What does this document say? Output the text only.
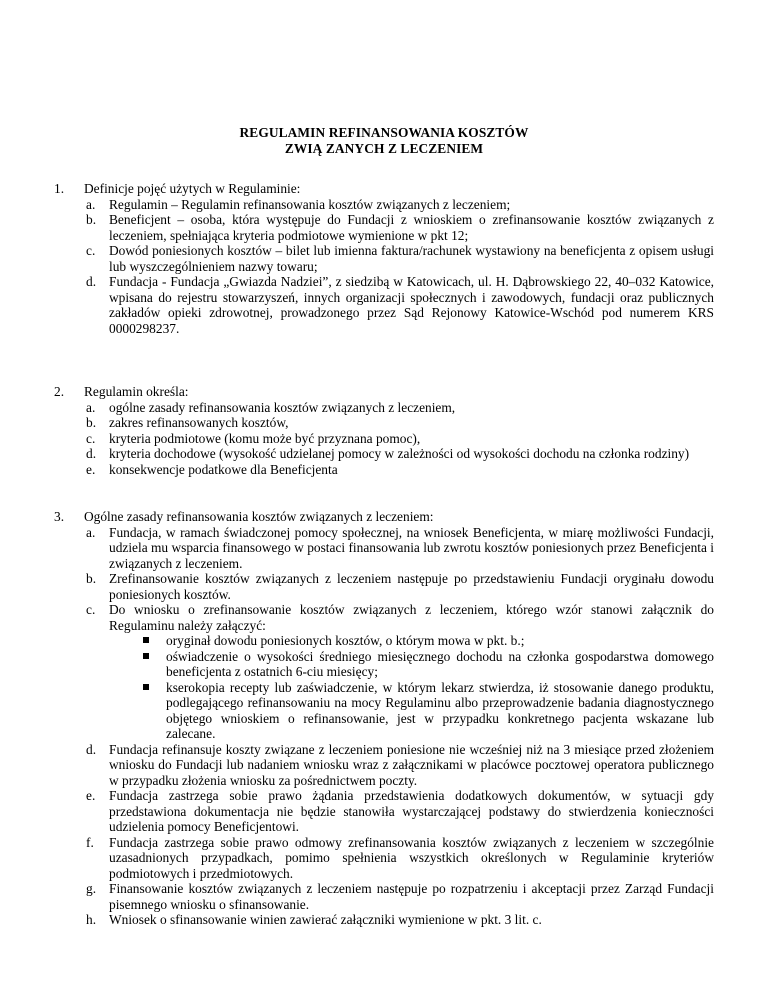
REGULAMIN REFINANSOWANIA KOSZTÓW
ZWIĄ ZANYCH Z LECZENIEM
1. Definicje pojęć użytych w Regulaminie:
a. Regulamin – Regulamin refinansowania kosztów związanych z leczeniem;
b. Beneficjent – osoba, która występuje do Fundacji z wnioskiem o zrefinansowanie kosztów związanych z leczeniem, spełniająca kryteria podmiotowe wymienione w pkt 12;
c. Dowód poniesionych kosztów – bilet lub imienna faktura/rachunek wystawiony na beneficjenta z opisem usługi lub wyszczególnieniem nazwy towaru;
d. Fundacja - Fundacja „Gwiazda Nadziei”, z siedzibą w Katowicach, ul. H. Dąbrowskiego 22, 40–032 Katowice, wpisana do rejestru stowarzyszeń, innych organizacji społecznych i zawodowych, fundacji oraz publicznych zakładów opieki zdrowotnej, prowadzonego przez Sąd Rejonowy Katowice-Wschód pod numerem KRS 0000298237.
2. Regulamin określa:
a. ogólne zasady refinansowania kosztów związanych z leczeniem,
b. zakres refinansowanych kosztów,
c. kryteria podmiotowe (komu może być przyznana pomoc),
d. kryteria dochodowe (wysokość udzielanej pomocy w zależności od wysokości dochodu na członka rodziny)
e. konsekwencje podatkowe dla Beneficjenta
3. Ogólne zasady refinansowania kosztów związanych z leczeniem:
a. Fundacja, w ramach świadczonej pomocy społecznej, na wniosek Beneficjenta, w miarę możliwości Fundacji, udziela mu wsparcia finansowego w postaci finansowania lub zwrotu kosztów poniesionych przez Beneficjenta i związanych z leczeniem.
b. Zrefinansowanie kosztów związanych z leczeniem następuje po przedstawieniu Fundacji oryginału dowodu poniesionych kosztów.
c. Do wniosku o zrefinansowanie kosztów związanych z leczeniem, którego wzór stanowi załącznik do Regulaminu należy załączyć:
oryginał dowodu poniesionych kosztów, o którym mowa w pkt. b.;
oświadczenie o wysokości średniego miesięcznego dochodu na członka gospodarstwa domowego beneficjenta z ostatnich 6-ciu miesięcy;
kserokopia recepty lub zaświadczenie, w którym lekarz stwierdza, iż stosowanie danego produktu, podlegającego refinansowaniu na mocy Regulaminu albo przeprowadzenie badania diagnostycznego objętego wnioskiem o refinansowanie, jest w przypadku konkretnego pacjenta wskazane lub zalecane.
d. Fundacja refinansuje koszty związane z leczeniem poniesione nie wcześniej niż na 3 miesiące przed złożeniem wniosku do Fundacji lub nadaniem wniosku wraz z załącznikami w placówce pocztowej operatora publicznego w przypadku złożenia wniosku za pośrednictwem poczty.
e. Fundacja zastrzega sobie prawo żądania przedstawienia dodatkowych dokumentów, w sytuacji gdy przedstawiona dokumentacja nie będzie stanowiła wystarczającej podstawy do stwierdzenia konieczności udzielenia pomocy Beneficjentowi.
f. Fundacja zastrzega sobie prawo odmowy zrefinansowania kosztów związanych z leczeniem w szczególnie uzasadnionych przypadkach, pomimo spełnienia wszystkich określonych w Regulaminie kryteriów podmiotowych i przedmiotowych.
g. Finansowanie kosztów związanych z leczeniem następuje po rozpatrzeniu i akceptacji przez Zarząd Fundacji pisemnego wniosku o sfinansowanie.
h. Wniosek o sfinansowanie winien zawierać załączniki wymienione w pkt. 3 lit. c.
